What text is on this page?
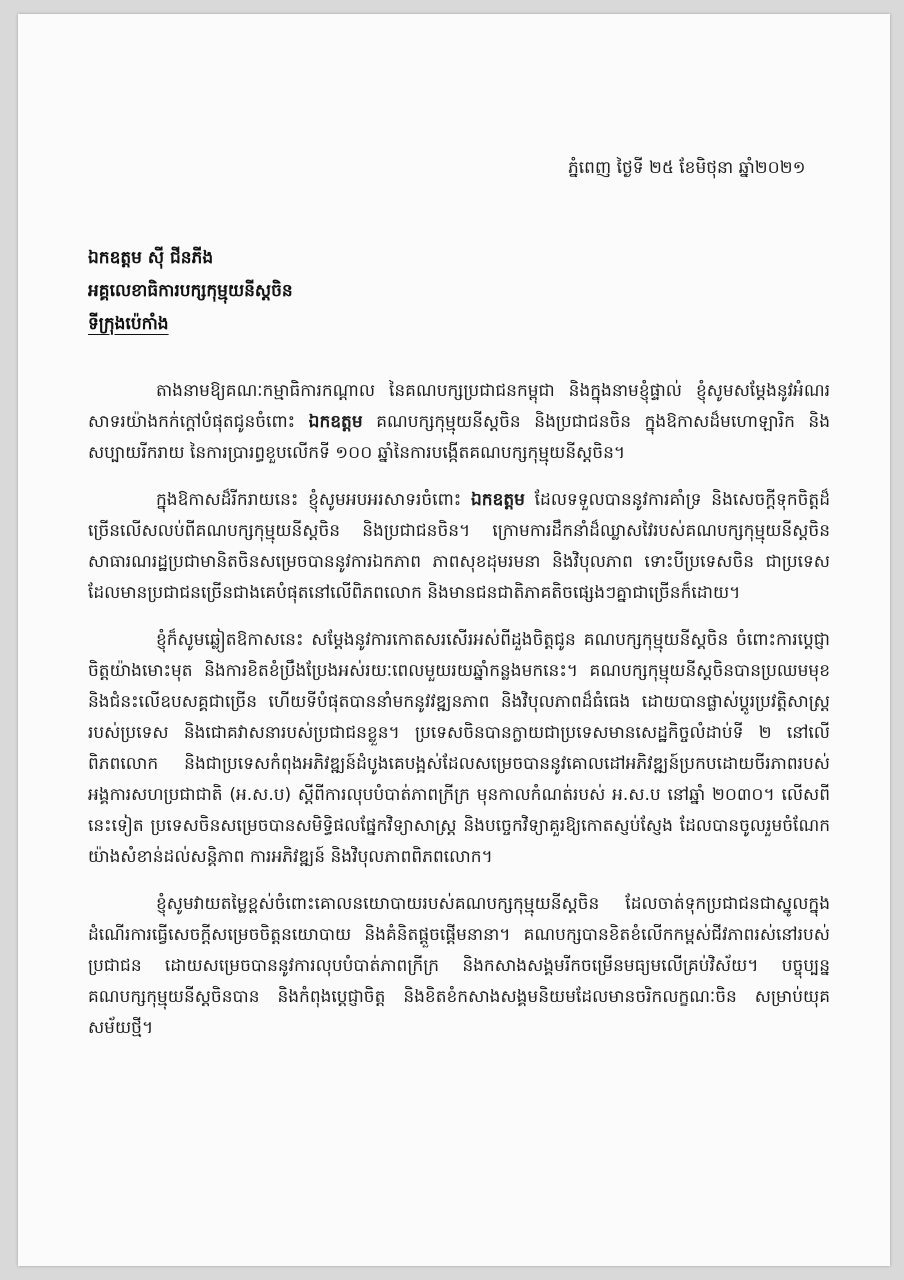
ភ្នំពេញ ថ្ងៃទី ២៥ ខែមិថុនា ឆ្នាំ២០២១
ឯកឧត្តម ស៊ី ជីនភីង
អគ្គលេខាធិការបក្សកុម្មុយនីស្តចិន
ទីក្រុងប៉េកាំង

តាងនាមឱ្យគណៈកម្មាធិការកណ្តាល នៃគណបក្សប្រជាជនកម្ពុជា និងក្នុងនាមខ្ញុំផ្ទាល់ ខ្ញុំសូមសម្តែងនូវអំណរសាទរយ៉ាងកក់ក្តៅបំផុតជូនចំពោះ ឯកឧត្តម គណបក្សកុម្មុយនីស្តចិន និងប្រជាជនចិន ក្នុងឱកាសដ៏មហោឡារិក និងសប្បាយរីករាយ នៃការប្រារព្ធខួបលើកទី ១០០ ឆ្នាំនៃការបង្កើតគណបក្សកុម្មុយនីស្តចិន។

ក្នុងឱកាសដ៏រីករាយនេះ ខ្ញុំសូមអបអរសាទរចំពោះ ឯកឧត្តម ដែលទទួលបាននូវការគាំទ្រ និងសេចក្តីទុកចិត្តដ៏ច្រើនលើសលប់ពីគណបក្សកុម្មុយនីស្តចិន និងប្រជាជនចិន។ ក្រោមការដឹកនាំដ៏ឈ្លាសវៃរបស់គណបក្សកុម្មុយនីស្តចិន សាធារណរដ្ឋប្រជាមានិតចិនសម្រេចបាននូវការឯកភាព ភាពសុខដុមរមនា និងវិបុលភាព ទោះបីប្រទេសចិន ជាប្រទេសដែលមានប្រជាជនច្រើនជាងគេបំផុតនៅលើពិភពលោក និងមានជនជាតិភាគតិចផ្សេងៗគ្នាជាច្រើនក៏ដោយ។

ខ្ញុំក៏សូមឆ្លៀតឱកាសនេះ សម្តែងនូវការកោតសរសើរអស់ពីដួងចិត្តជូន គណបក្សកុម្មុយនីស្តចិន ចំពោះការប្តេជ្ញាចិត្តយ៉ាងមោះមុត និងការខិតខំប្រឹងប្រែងអស់រយៈពេលមួយរយឆ្នាំកន្លងមកនេះ។ គណបក្សកុម្មុយនីស្តចិនបានប្រឈមមុខ និងជំនះលើឧបសគ្គជាច្រើន ហើយទីបំផុតបាននាំមកនូវវឌ្ឍនភាព និងវិបុលភាពដ៏ធំធេង ដោយបានផ្លាស់ប្តូរប្រវត្តិសាស្ត្ររបស់ប្រទេស និងជោគវាសនារបស់ប្រជាជនខ្លួន។ ប្រទេសចិនបានក្លាយជាប្រទេសមានសេដ្ឋកិច្ចលំដាប់ទី ២ នៅលើពិភពលោក និងជាប្រទេសកំពុងអភិវឌ្ឍន៍ដំបូងគេបង្អស់ដែលសម្រេចបាននូវគោលដៅអភិវឌ្ឍន៍ប្រកបដោយចីរភាពរបស់អង្គការសហប្រជាជាតិ (អ.ស.ប) ស្តីពីការលុបបំបាត់ភាពក្រីក្រ មុនកាលកំណត់របស់ អ.ស.ប នៅឆ្នាំ ២០៣០។ លើសពីនេះទៀត ប្រទេសចិនសម្រេចបានសមិទ្ធិផលផ្នែកវិទ្យាសាស្ត្រ និងបច្ចេកវិទ្យាគួរឱ្យកោតស្ញប់ស្ញែង ដែលបានចូលរួមចំណែកយ៉ាងសំខាន់ដល់សន្តិភាព ការអភិវឌ្ឍន៍ និងវិបុលភាពពិភពលោក។

ខ្ញុំសូមវាយតម្លៃខ្ពស់ចំពោះគោលនយោបាយរបស់គណបក្សកុម្មុយនីស្តចិន ដែលចាត់ទុកប្រជាជនជាស្នូលក្នុងដំណើរការធ្វើសេចក្តីសម្រេចចិត្តនយោបាយ និងគំនិតផ្តួចផ្តើមនានា។ គណបក្សបានខិតខំលើកកម្ពស់ជីវភាពរស់នៅរបស់ប្រជាជន ដោយសម្រេចបាននូវការលុបបំបាត់ភាពក្រីក្រ និងកសាងសង្គមរីកចម្រើនមធ្យមលើគ្រប់វិស័យ។ បច្ចុប្បន្ន គណបក្សកុម្មុយនីស្តចិនបាន និងកំពុងប្តេជ្ញាចិត្ត និងខិតខំកសាងសង្គមនិយមដែលមានចរិកលក្ខណៈចិន សម្រាប់យុគសម័យថ្មី។
